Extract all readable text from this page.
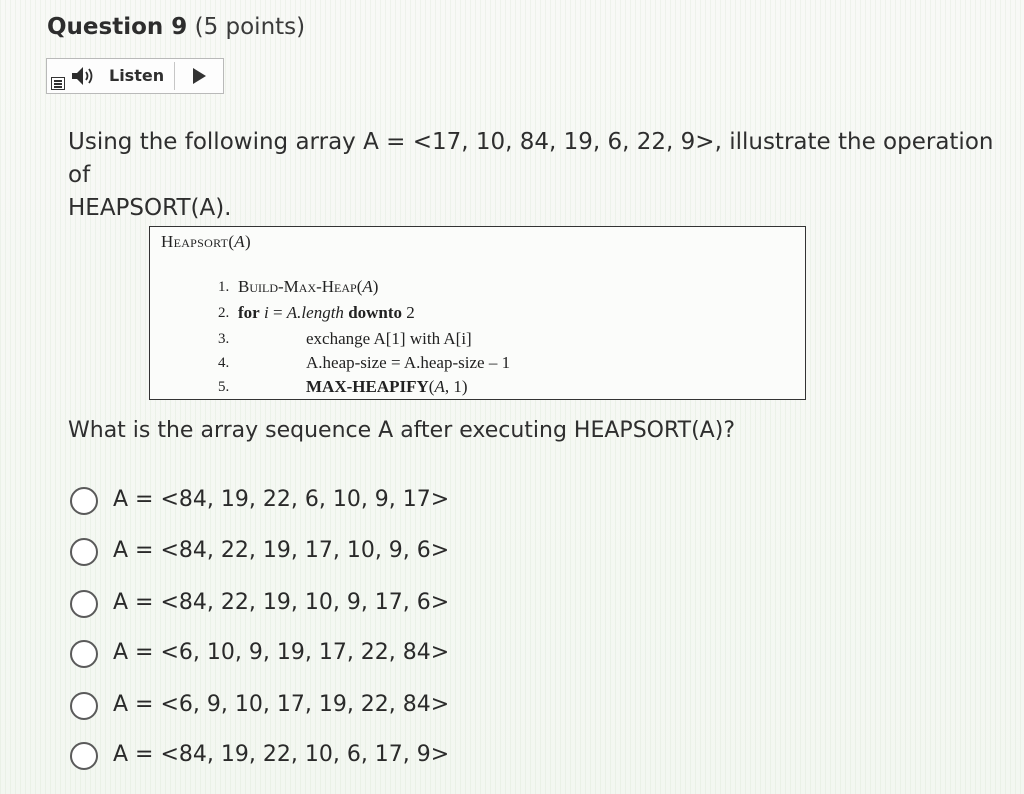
Question 9 (5 points)
Listen
Using the following array A = <17, 10, 84, 19, 6, 22, 9>, illustrate the operation of
HEAPSORT(A).
Heapsort(A)
1.
2.
3.
4.
5.
Build-Max-Heap(A)
for i = A.length downto 2
exchange A[1] with A[i]
A.heap-size = A.heap-size – 1
MAX-HEAPIFY(A, 1)
What is the array sequence A after executing HEAPSORT(A)?
A = <84, 19, 22, 6, 10, 9, 17>
A = <84, 22, 19, 17, 10, 9, 6>
A = <84, 22, 19, 10, 9, 17, 6>
A = <6, 10, 9, 19, 17, 22, 84>
A = <6, 9, 10, 17, 19, 22, 84>
A = <84, 19, 22, 10, 6, 17, 9>
